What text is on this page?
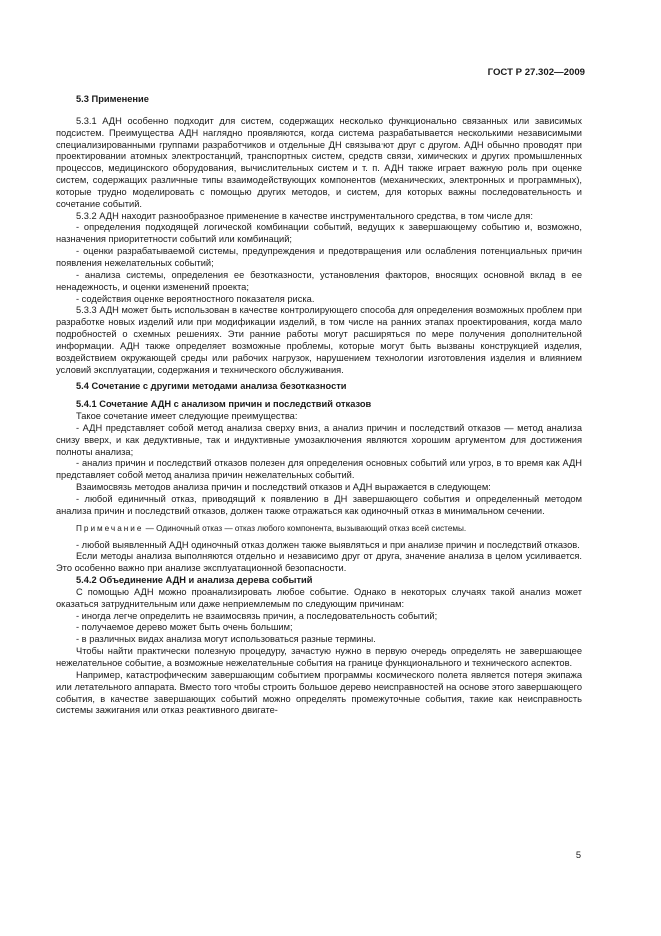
ГОСТ Р 27.302—2009

5.3 Применение

5.3.1 АДН особенно подходит для систем, содержащих несколько функционально связанных или зависимых подсистем. Преимущества АДН наглядно проявляются, когда система разрабатывается несколькими независимыми специализированными группами разработчиков и отдельные ДН связываᐧют друг с другом. АДН обычно проводят при проектировании атомных электростанций, транспортных систем, средств связи, химических и других промышленных процессов, медицинского оборудования, вычислительных систем и т. п. АДН также играет важную роль при оценке систем, содержащих различные типы взаимодействующих компонентов (механических, электронных и программных), которые трудно моделировать с помощью других методов, и систем, для которых важны последовательность и сочетание событий.

5.3.2 АДН находит разнообразное применение в качестве инструментального средства, в том числе для:

- определения подходящей логической комбинации событий, ведущих к завершающему событию и, возможно, назначения приоритетности событий или комбинаций;

- оценки разрабатываемой системы, предупреждения и предотвращения или ослабления потенциальных причин появления нежелательных событий;

- анализа системы, определения ее безотказности, установления факторов, вносящих основной вклад в ее ненадежность, и оценки изменений проекта;

- содействия оценке вероятностного показателя риска.

5.3.3 АДН может быть использован в качестве контролирующего способа для определения возможных проблем при разработке новых изделий или при модификации изделий, в том числе на ранних этапах проектирования, когда мало подробностей о схемных решениях. Эти ранние работы могут расширяться по мере получения дополнительной информации. АДН также определяет возможные проблемы, которые могут быть вызваны конструкцией изделия, воздействием окружающей среды или рабочих нагрузок, нарушением технологии изготовления изделия и влиянием условий эксплуатации, содержания и технического обслуживания.

5.4 Сочетание с другими методами анализа безотказности

5.4.1 Сочетание АДН с анализом причин и последствий отказов

Такое сочетание имеет следующие преимущества:

- АДН представляет собой метод анализа сверху вниз, а анализ причин и последствий отказов — метод анализа снизу вверх, и как дедуктивные, так и индуктивные умозаключения являются хорошим аргументом для достижения полноты анализа;

- анализ причин и последствий отказов полезен для определения основных событий или угроз, в то время как АДН представляет собой метод анализа причин нежелательных событий.

Взаимосвязь методов анализа причин и последствий отказов и АДН выражается в следующем:

- любой единичный отказ, приводящий к появлению в ДН завершающего события и определенный методом анализа причин и последствий отказов, должен также отражаться как одиночный отказ в минимальном сечении.

Примечание — Одиночный отказ — отказ любого компонента, вызывающий отказ всей системы.

- любой выявленный АДН одиночный отказ должен также выявляться и при анализе причин и последствий отказов.

Если методы анализа выполняются отдельно и независимо друг от друга, значение анализа в целом усиливается. Это особенно важно при анализе эксплуатационной безопасности.

5.4.2 Объединение АДН и анализа дерева событий

С помощью АДН можно проанализировать любое событие. Однако в некоторых случаях такой анализ может оказаться затруднительным или даже неприемлемым по следующим причинам:

- иногда легче определить не взаимосвязь причин, а последовательность событий;

- получаемое дерево может быть очень большим;

- в различных видах анализа могут использоваться разные термины.

Чтобы найти практически полезную процедуру, зачастую нужно в первую очередь определять не завершающее нежелательное событие, а возможные нежелательные события на границе функционального и технического аспектов.

Например, катастрофическим завершающим событием программы космического полета является потеря экипажа или летательного аппарата. Вместо того чтобы строить большое дерево неисправностей на основе этого завершающего события, в качестве завершающих событий можно определять промежуточные события, такие как неисправность системы зажигания или отказ реактивного двигате-

5
